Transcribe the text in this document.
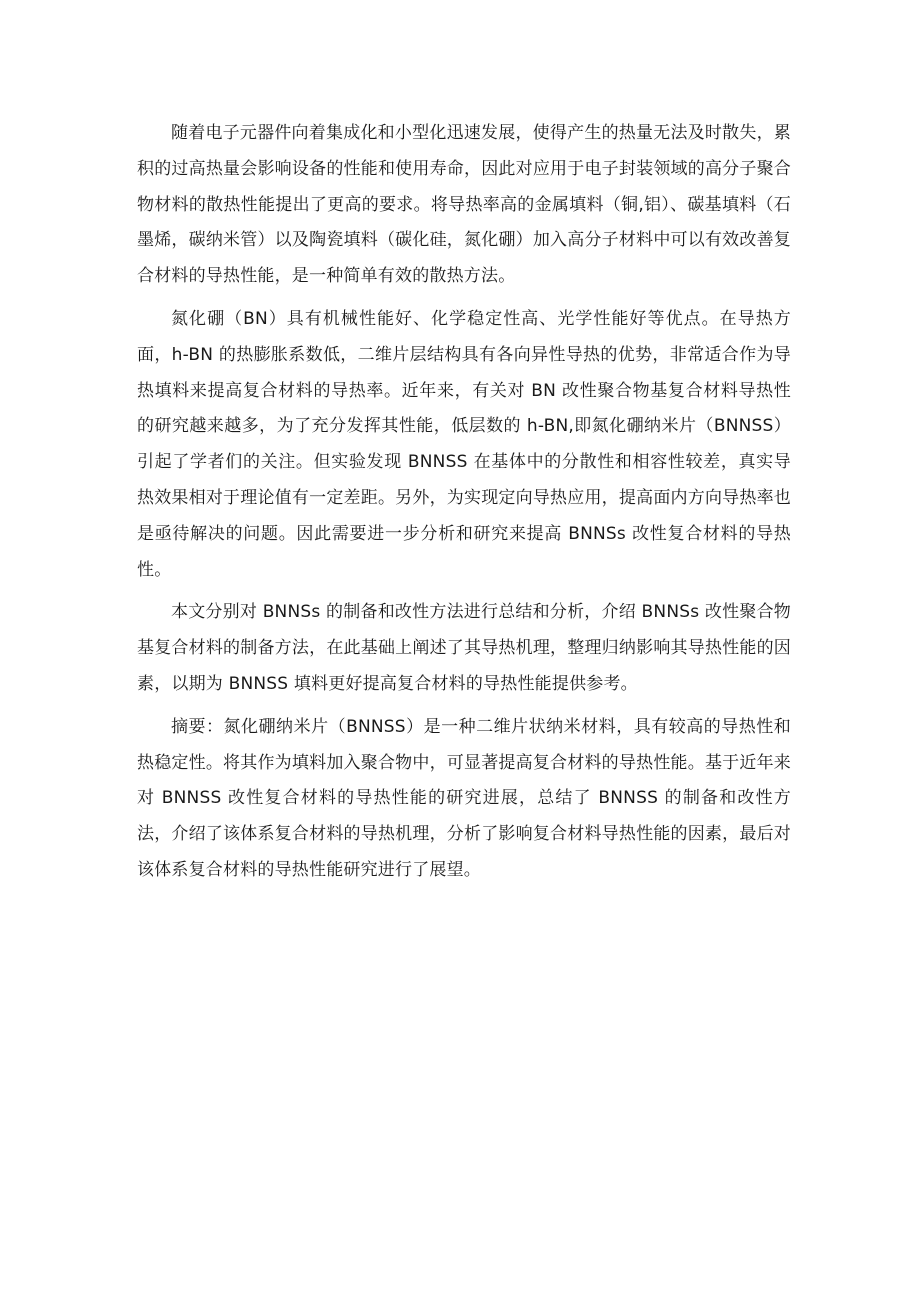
随着电子元器件向着集成化和小型化迅速发展，使得产生的热量无法及时散失，累积的过高热量会影响设备的性能和使用寿命，因此对应用于电子封装领域的高分子聚合物材料的散热性能提出了更高的要求。将导热率高的金属填料（铜,铝）、碳基填料（石墨烯，碳纳米管）以及陶瓷填料（碳化硅，氮化硼）加入高分子材料中可以有效改善复合材料的导热性能，是一种简单有效的散热方法。

氮化硼（BN）具有机械性能好、化学稳定性高、光学性能好等优点。在导热方面，h-BN 的热膨胀系数低，二维片层结构具有各向异性导热的优势，非常适合作为导热填料来提高复合材料的导热率。近年来，有关对 BN 改性聚合物基复合材料导热性的研究越来越多，为了充分发挥其性能，低层数的 h-BN,即氮化硼纳米片（BNNSS）引起了学者们的关注。但实验发现 BNNSS 在基体中的分散性和相容性较差，真实导热效果相对于理论值有一定差距。另外，为实现定向导热应用，提高面内方向导热率也是亟待解决的问题。因此需要进一步分析和研究来提高 BNNSs 改性复合材料的导热性。

本文分别对 BNNSs 的制备和改性方法进行总结和分析，介绍 BNNSs 改性聚合物基复合材料的制备方法，在此基础上阐述了其导热机理，整理归纳影响其导热性能的因素，以期为 BNNSS 填料更好提高复合材料的导热性能提供参考。

摘要：氮化硼纳米片（BNNSS）是一种二维片状纳米材料，具有较高的导热性和热稳定性。将其作为填料加入聚合物中，可显著提高复合材料的导热性能。基于近年来对 BNNSS 改性复合材料的导热性能的研究进展，总结了 BNNSS 的制备和改性方法，介绍了该体系复合材料的导热机理，分析了影响复合材料导热性能的因素，最后对该体系复合材料的导热性能研究进行了展望。
